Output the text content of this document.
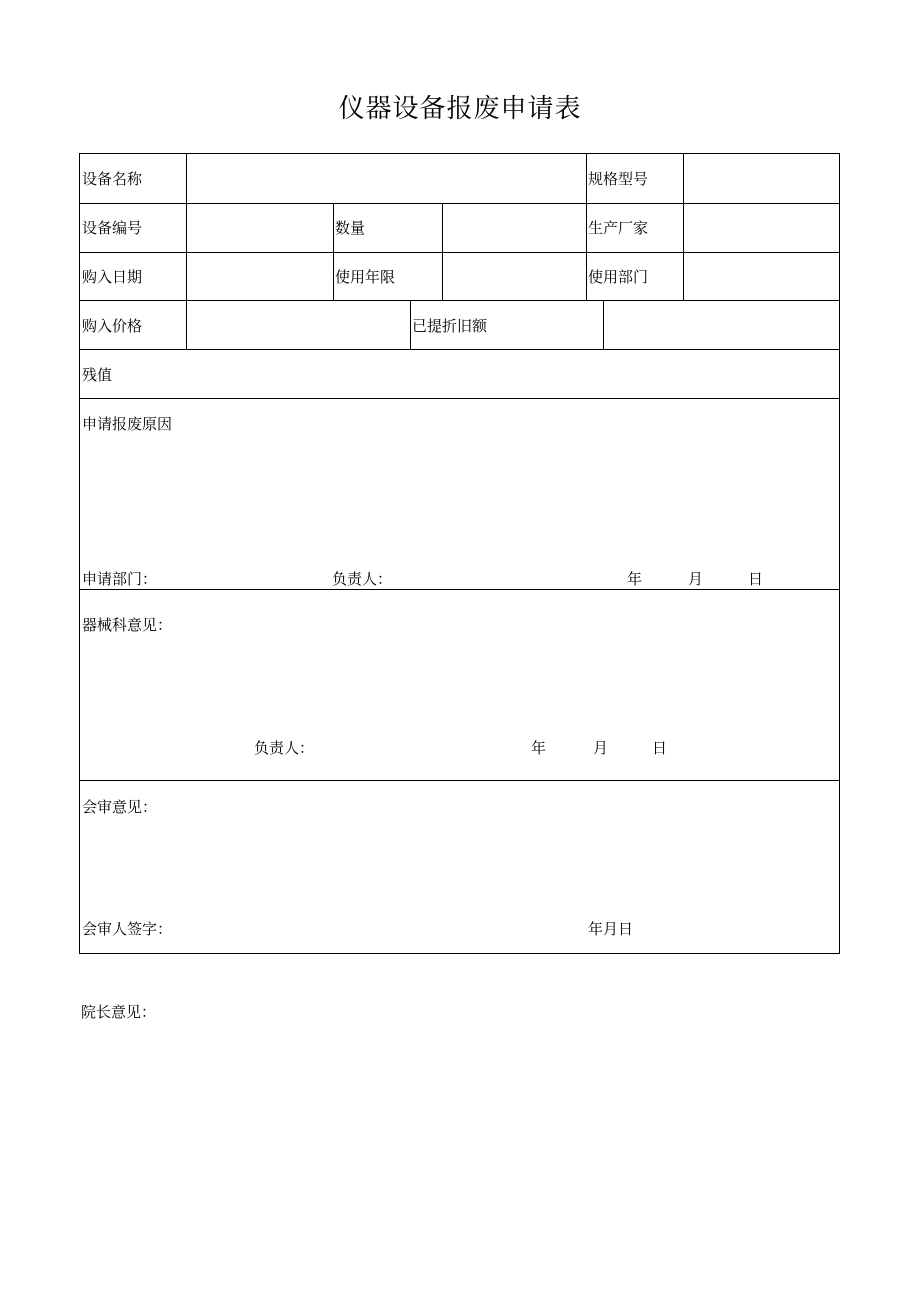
仪器设备报废申请表
设备名称	规格型号
设备编号	数量	生产厂家
购入日期	使用年限	使用部门
购入价格	已提折旧额
残值
申请报废原因
申请部门：	负责人：	年	月	日
器械科意见：
负责人：	年	月	日
会审意见：
会审人签字：	年月日
院长意见：
